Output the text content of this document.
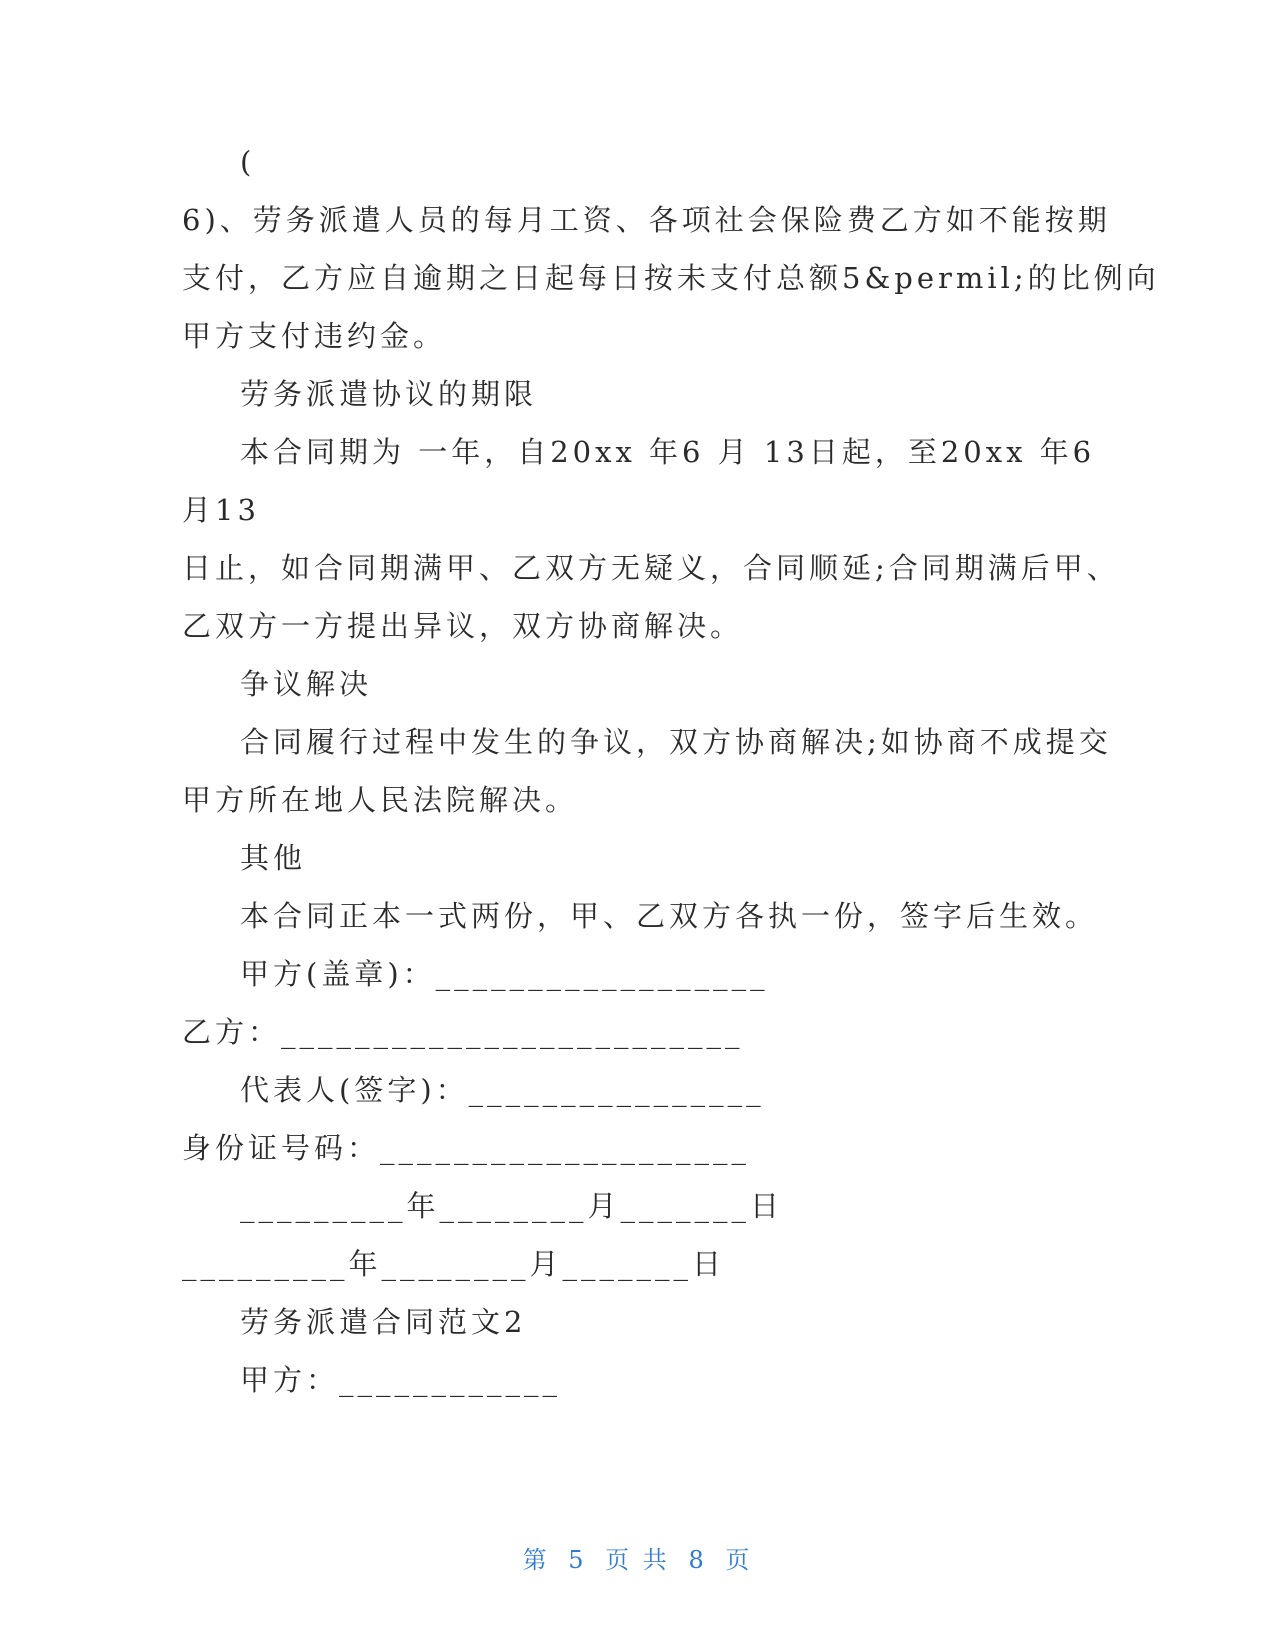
(
6)、劳务派遣人员的每月工资、各项社会保险费乙方如不能按期
支付，乙方应自逾期之日起每日按未支付总额5&permil;的比例向
甲方支付违约金。
劳务派遣协议的期限
本合同期为 一年，自20xx 年6 月 13日起，至20xx 年6
月13
日止，如合同期满甲、乙双方无疑义，合同顺延;合同期满后甲、
乙双方一方提出异议，双方协商解决。
争议解决
合同履行过程中发生的争议，双方协商解决;如协商不成提交
甲方所在地人民法院解决。
其他
本合同正本一式两份，甲、乙双方各执一份，签字后生效。
甲方(盖章)：__________________
乙方：_________________________
代表人(签字)：________________
身份证号码：____________________
_________年________月_______日
_________年________月_______日
劳务派遣合同范文2
甲方：____________
第 5 页 共 8 页
